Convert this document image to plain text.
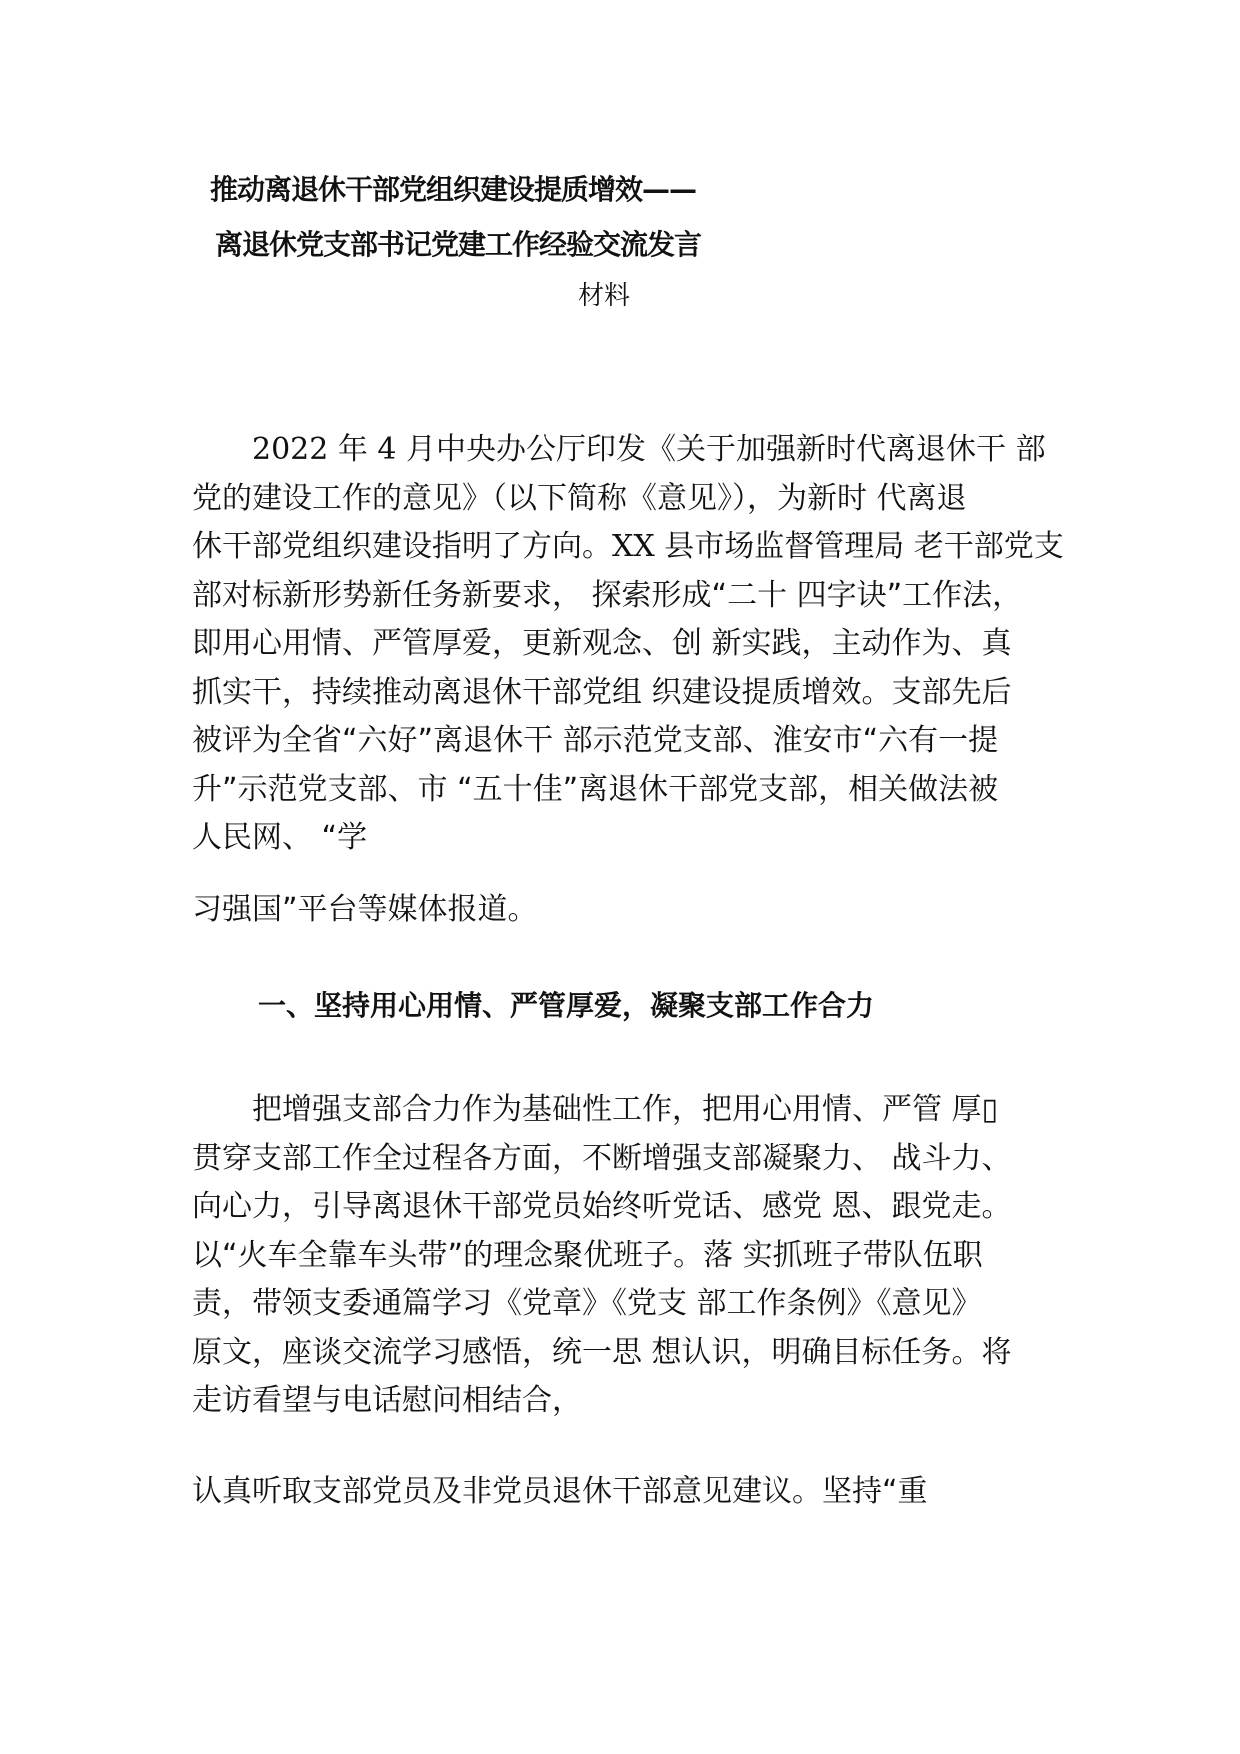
推动离退休干部党组织建设提质增效——
离退休党支部书记党建工作经验交流发言
材料
　　2022 年 4 月中央办公厅印发《关于加强新时代离退休干 部
党的建设工作的意见》（以下简称《意见》），为新时 代离退
休干部党组织建设指明了方向。XX 县市场监督管理局 老干部党支
部对标新形势新任务新要求， 探索形成“二十 四字诀”工作法，
即用心用情、严管厚爱，更新观念、创 新实践，主动作为、真
抓实干，持续推动离退休干部党组 织建设提质增效。支部先后
被评为全省“六好”离退休干 部示范党支部、淮安市“六有一提
升”示范党支部、市 “五十佳”离退休干部党支部，相关做法被
人民网、 “学
习强国”平台等媒体报道。
一、坚持用心用情、严管厚爱，凝聚支部工作合力
　　把增强支部合力作为基础性工作，把用心用情、严管 厚▯
贯穿支部工作全过程各方面，不断增强支部凝聚力、 战斗力、
向心力，引导离退休干部党员始终听党话、感党 恩、跟党走。
以“火车全靠车头带”的理念聚优班子。落 实抓班子带队伍职
责，带领支委通篇学习《党章》《党支 部工作条例》《意见》
原文，座谈交流学习感悟，统一思 想认识，明确目标任务。将
走访看望与电话慰问相结合，
认真听取支部党员及非党员退休干部意见建议。坚持“重
